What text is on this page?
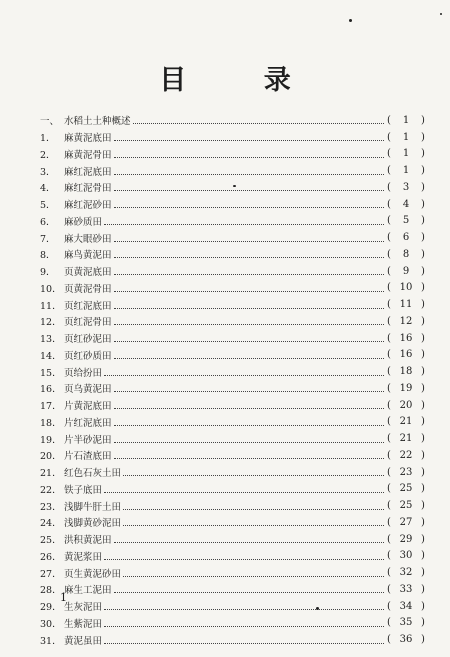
目 录
一、 水稻土土种概述	(	1	)
1． 麻黄泥底田	(	1	)
2． 麻黄泥骨田	(	1	)
3． 麻红泥底田	(	1	)
4． 麻红泥骨田	(	3	)
5． 麻红泥砂田	(	4	)
6． 麻砂质田	(	5	)
7． 麻大眼砂田	(	6	)
8． 麻鸟黄泥田	(	8	)
9． 页黄泥底田	(	9	)
10． 页黄泥骨田	( 10 )
11． 页红泥底田	( 11 )
12． 页红泥骨田	( 12 )
13． 页红砂泥田	( 16 )
14． 页红砂质田	( 16 )
15． 页给扮田	( 18 )
16． 页乌黄泥田	( 19 )
17． 片黄泥底田	( 20 )
18． 片红泥底田	( 21 )
19． 片半砂泥田	( 21 )
20． 片石渣底田	( 22 )
21． 红色石灰土田	( 23 )
22． 铁子底田	( 25 )
23． 浅脚牛肝土田	( 25 )
24． 浅脚黄砂泥田	( 27 )
25． 洪积黄泥田	( 29 )
26． 黄泥浆田	( 30 )
27． 页生黄泥砂田	( 32 )
28． 麻生工泥田	( 33 )
29． 生灰泥田	( 34 )
30． 生紫泥田	( 35 )
31． 黄泥虽田	( 36 )
1
